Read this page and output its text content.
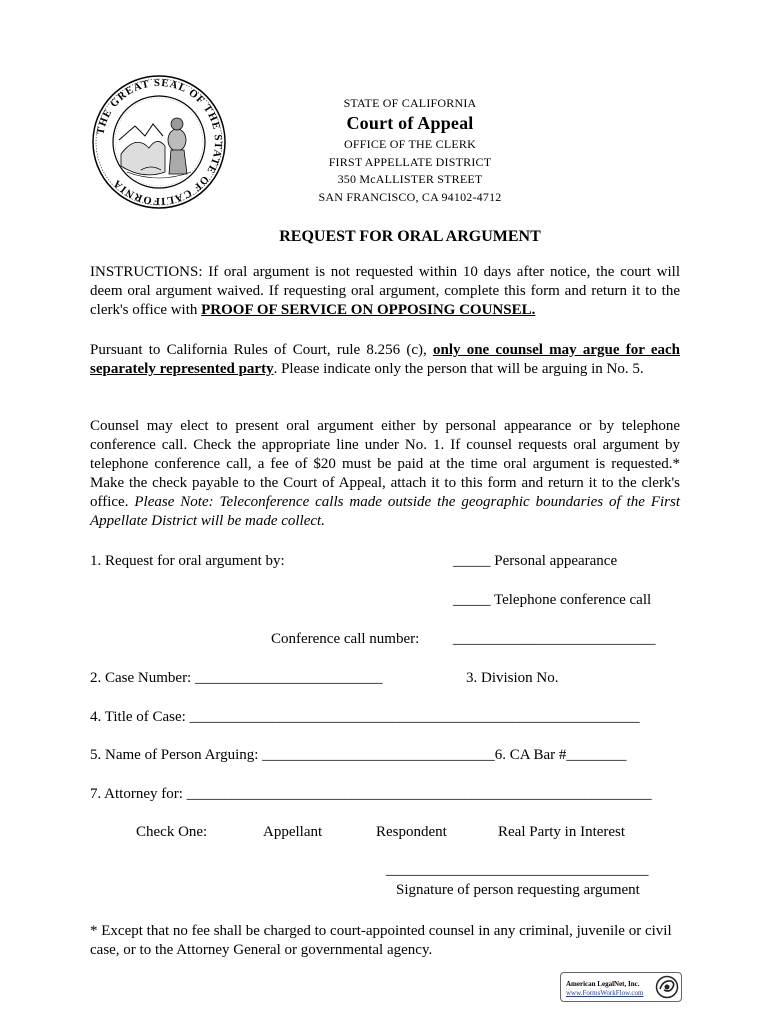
THE GREAT SEAL OF THE STATE OF CALIFORNIA
STATE OF CALIFORNIA
Court of Appeal
OFFICE OF THE CLERK
FIRST APPELLATE DISTRICT
350 McALLISTER STREET
SAN FRANCISCO, CA 94102-4712
REQUEST FOR ORAL ARGUMENT
INSTRUCTIONS: If oral argument is not requested within 10 days after notice, the court will deem oral argument waived. If requesting oral argument, complete this form and return it to the clerk's office with PROOF OF SERVICE ON OPPOSING COUNSEL.
Pursuant to California Rules of Court, rule 8.256 (c), only one counsel may argue for each separately represented party. Please indicate only the person that will be arguing in No. 5.
Counsel may elect to present oral argument either by personal appearance or by telephone conference call. Check the appropriate line under No. 1. If counsel requests oral argument by telephone conference call, a fee of $20 must be paid at the time oral argument is requested.* Make the check payable to the Court of Appeal, attach it to this form and return it to the clerk's office. Please Note: Teleconference calls made outside the geographic boundaries of the First Appellate District will be made collect.
1. Request for oral argument by:	_____ Personal appearance
_____ Telephone conference call
Conference call number: ___________________________
2. Case Number: _________________________	3. Division No.
4. Title of Case: ____________________________________________________________
5. Name of Person Arguing: _______________________________6. CA Bar #________
7. Attorney for: ______________________________________________________________
Check One:	Appellant	Respondent	Real Party in Interest
___________________________________
Signature of person requesting argument
* Except that no fee shall be charged to court-appointed counsel in any criminal, juvenile or civil case, or to the Attorney General or governmental agency.
American LegalNet, Inc.
www.FormsWorkFlow.com
